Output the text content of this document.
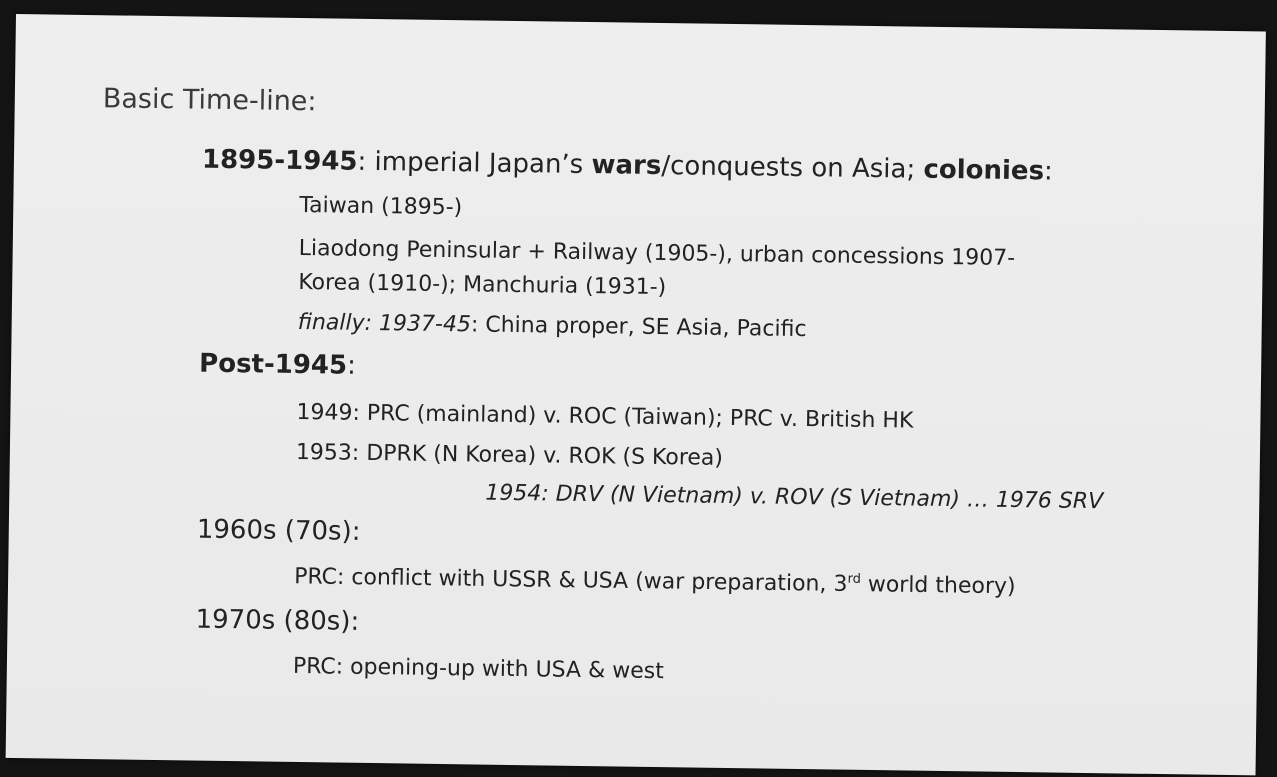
Basic Time-line:
1895-1945: imperial Japan’s wars/conquests on Asia; colonies:
Taiwan (1895-)
Liaodong Peninsular + Railway (1905-), urban concessions 1907-
Korea (1910-); Manchuria (1931-)
finally: 1937-45: China proper, SE Asia, Pacific
Post-1945:
1949: PRC (mainland) v. ROC (Taiwan); PRC v. British HK
1953: DPRK (N Korea) v. ROK (S Korea)
1954: DRV (N Vietnam) v. ROV (S Vietnam) … 1976 SRV
1960s (70s):
PRC: conflict with USSR & USA (war preparation, 3rd world theory)
1970s (80s):
PRC: opening-up with USA & west
